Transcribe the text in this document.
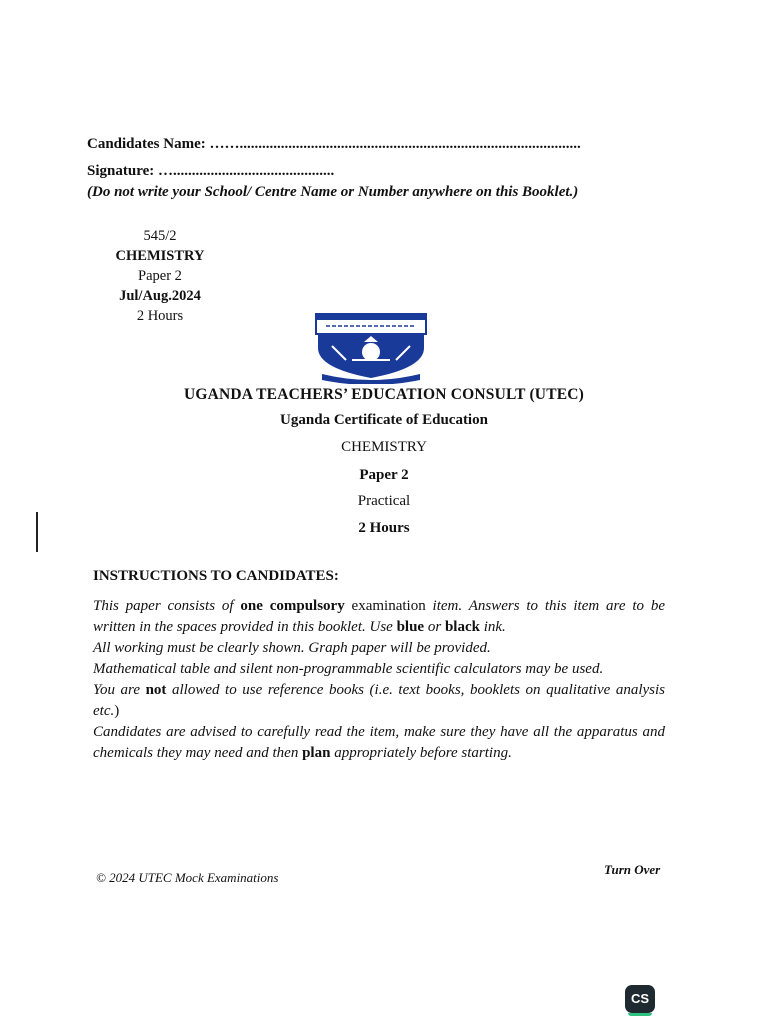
Candidates Name: ……...........................................................................................
Signature: …...........................................
(Do not write your School/ Centre Name or Number anywhere on this Booklet.)
545/2
CHEMISTRY
Paper 2
Jul/Aug.2024
2 Hours
UGANDA TEACHERS’ EDUCATION CONSULT (UTEC)
Uganda Certificate of Education
CHEMISTRY
Paper 2
Practical
2 Hours
INSTRUCTIONS TO CANDIDATES:

This paper consists of one compulsory examination item. Answers to this item are to be written in the spaces provided in this booklet. Use blue or black ink.

All working must be clearly shown. Graph paper will be provided.

Mathematical table and silent non-programmable scientific calculators may be used.

You are not allowed to use reference books (i.e. text books, booklets on qualitative analysis etc.)

Candidates are advised to carefully read the item, make sure they have all the apparatus and chemicals they may need and then plan appropriately before starting.

© 2024 UTEC Mock Examinations
Turn Over
CS
